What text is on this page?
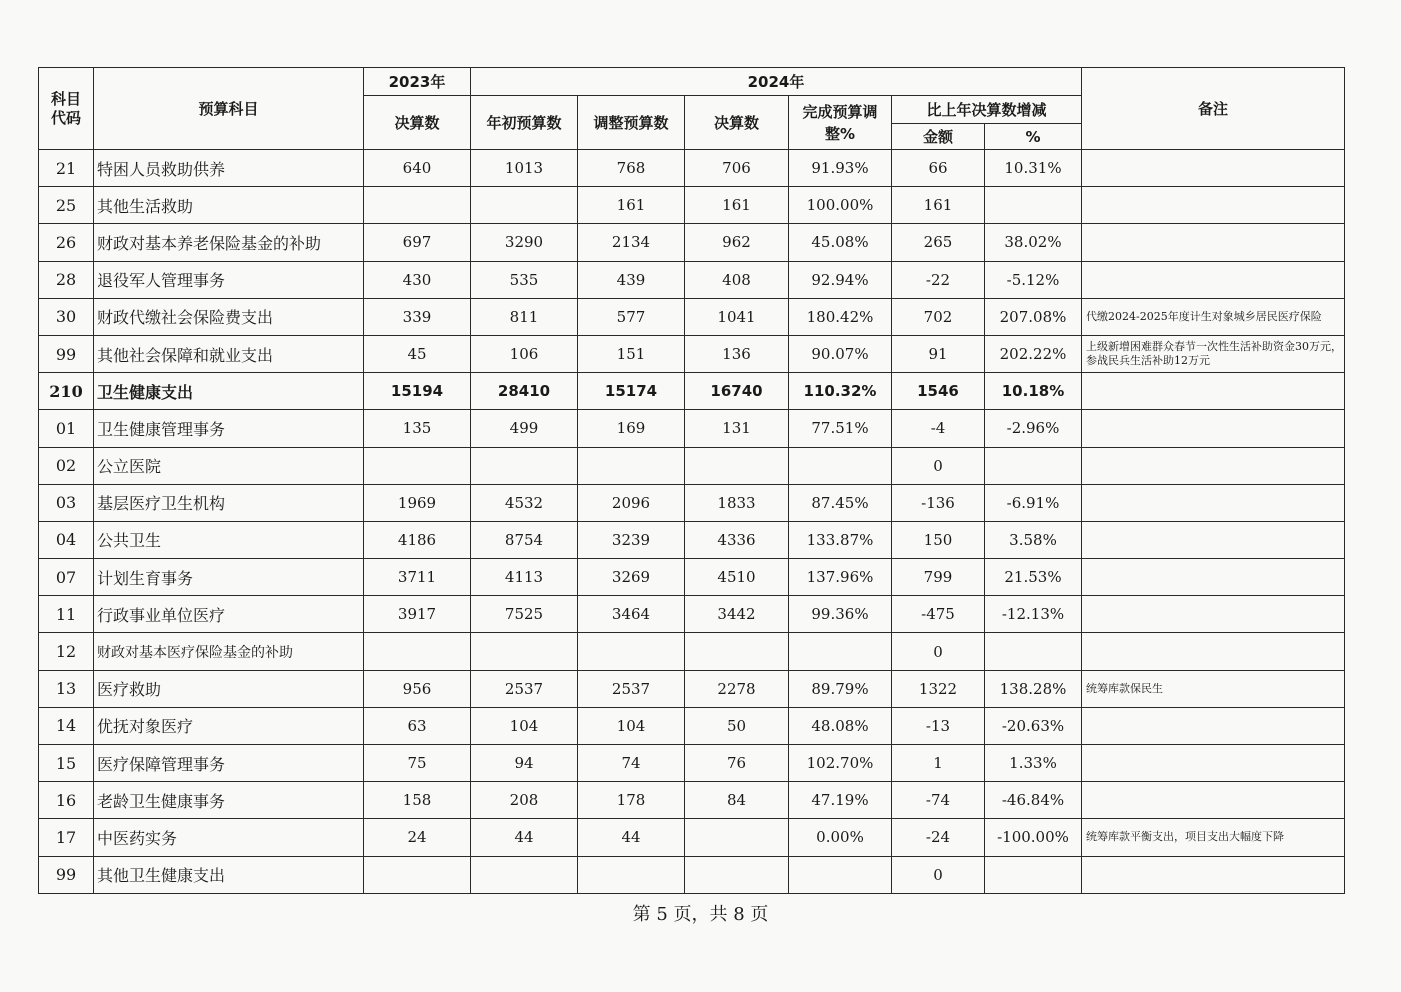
科目
代码	预算科目	2023年	2024年						备注
		决算数	年初预算数	调整预算数	决算数	完成预算调
整%	比上年决算数增减		
							金额	%	
21	特困人员救助供养	640	1013	768	706	91.93%	66	10.31%	
25	其他生活救助			161	161	100.00%	161		
26	财政对基本养老保险基金的补助	697	3290	2134	962	45.08%	265	38.02%	
28	退役军人管理事务	430	535	439	408	92.94%	-22	-5.12%	
30	财政代缴社会保险费支出	339	811	577	1041	180.42%	702	207.08%	代缴2024-2025年度计生对象城乡居民医疗保险
99	其他社会保障和就业支出	45	106	151	136	90.07%	91	202.22%	上级新增困难群众春节一次性生活补助资金30万元，参战民兵生活补助12万元
210	卫生健康支出	15194	28410	15174	16740	110.32%	1546	10.18%	
01	卫生健康管理事务	135	499	169	131	77.51%	-4	-2.96%	
02	公立医院						0		
03	基层医疗卫生机构	1969	4532	2096	1833	87.45%	-136	-6.91%	
04	公共卫生	4186	8754	3239	4336	133.87%	150	3.58%	
07	计划生育事务	3711	4113	3269	4510	137.96%	799	21.53%	
11	行政事业单位医疗	3917	7525	3464	3442	99.36%	-475	-12.13%	
12	财政对基本医疗保险基金的补助						0		
13	医疗救助	956	2537	2537	2278	89.79%	1322	138.28%	统筹库款保民生
14	优抚对象医疗	63	104	104	50	48.08%	-13	-20.63%	
15	医疗保障管理事务	75	94	74	76	102.70%	1	1.33%	
16	老龄卫生健康事务	158	208	178	84	47.19%	-74	-46.84%	
17	中医药实务	24	44	44		0.00%	-24	-100.00%	统筹库款平衡支出，项目支出大幅度下降
99	其他卫生健康支出						0		
第 5 页，共 8 页
